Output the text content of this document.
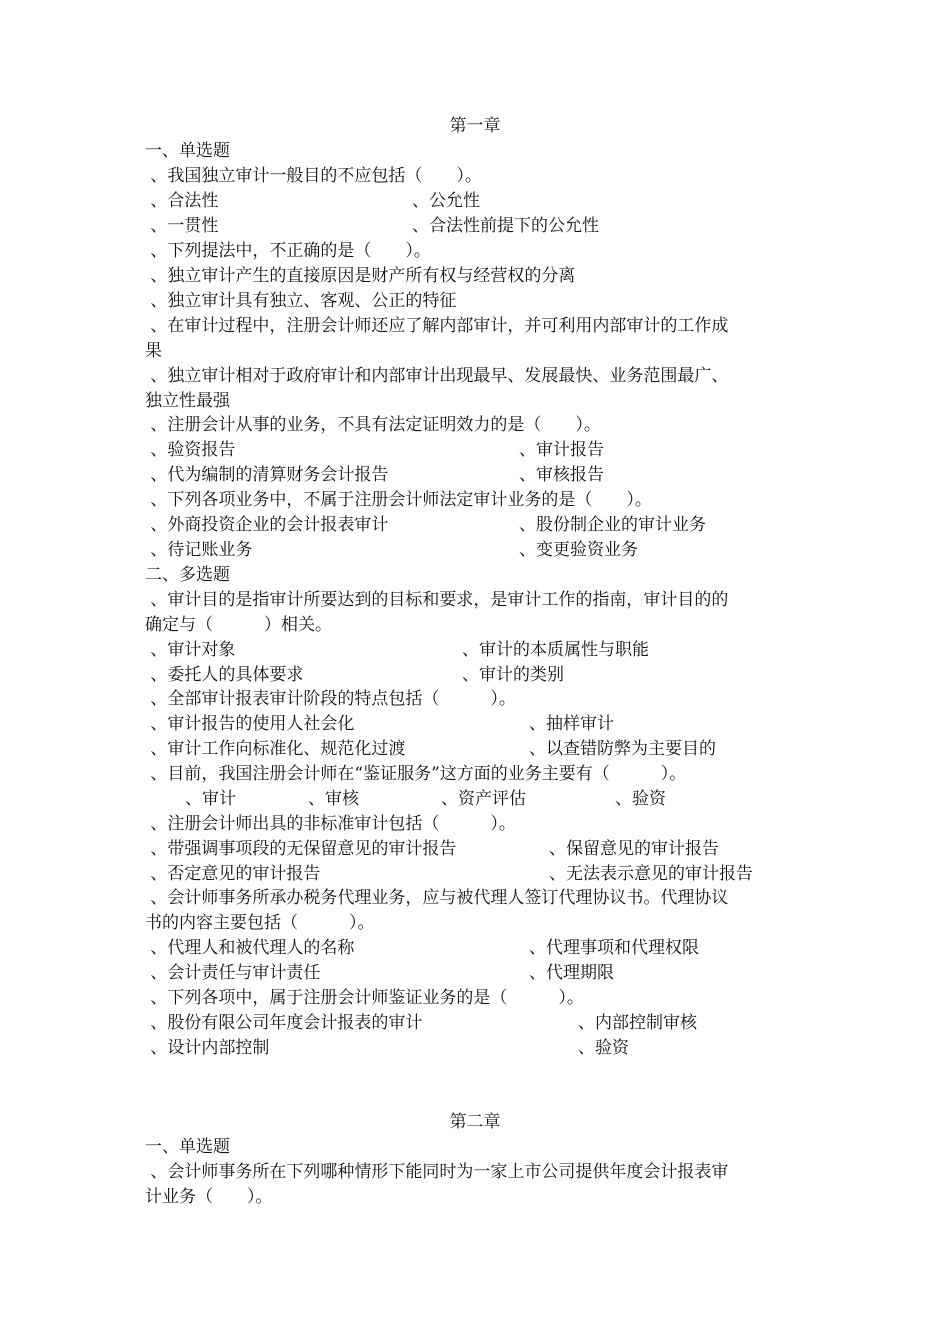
第一章
一、单选题
、我国独立审计一般目的不应包括（　　）。
、合法性	、公允性
、一贯性	、合法性前提下的公允性
、下列提法中，不正确的是（　　）。
、独立审计产生的直接原因是财产所有权与经营权的分离
、独立审计具有独立、客观、公正的特征
、在审计过程中，注册会计师还应了解内部审计，并可利用内部审计的工作成
果
、独立审计相对于政府审计和内部审计出现最早、发展最快、业务范围最广、
独立性最强
、注册会计从事的业务，不具有法定证明效力的是（　　）。
、验资报告	、审计报告
、代为编制的清算财务会计报告	、审核报告
、下列各项业务中，不属于注册会计师法定审计业务的是（　　）。
、外商投资企业的会计报表审计	、股份制企业的审计业务
、待记账业务	、变更验资业务
二、多选题
、审计目的是指审计所要达到的目标和要求，是审计工作的指南，审计目的的
确定与（　　　）相关。
、审计对象	、审计的本质属性与职能
、委托人的具体要求	、审计的类别
、全部审计报表审计阶段的特点包括（　　　）。
、审计报告的使用人社会化	、抽样审计
、审计工作向标准化、规范化过渡	、以查错防弊为主要目的
、目前，我国注册会计师在“鉴证服务”这方面的业务主要有（　　　）。
、审计	、审核	、资产评估	、验资
、注册会计师出具的非标准审计包括（　　　）。
、带强调事项段的无保留意见的审计报告	、保留意见的审计报告
、否定意见的审计报告	、无法表示意见的审计报告
、会计师事务所承办税务代理业务，应与被代理人签订代理协议书。代理协议
书的内容主要包括（　　　）。
、代理人和被代理人的名称	、代理事项和代理权限
、会计责任与审计责任	、代理期限
、下列各项中，属于注册会计师鉴证业务的是（　　　）。
、股份有限公司年度会计报表的审计	、内部控制审核
、设计内部控制	、验资
第二章
一、单选题
、会计师事务所在下列哪种情形下能同时为一家上市公司提供年度会计报表审
计业务（　　）。
